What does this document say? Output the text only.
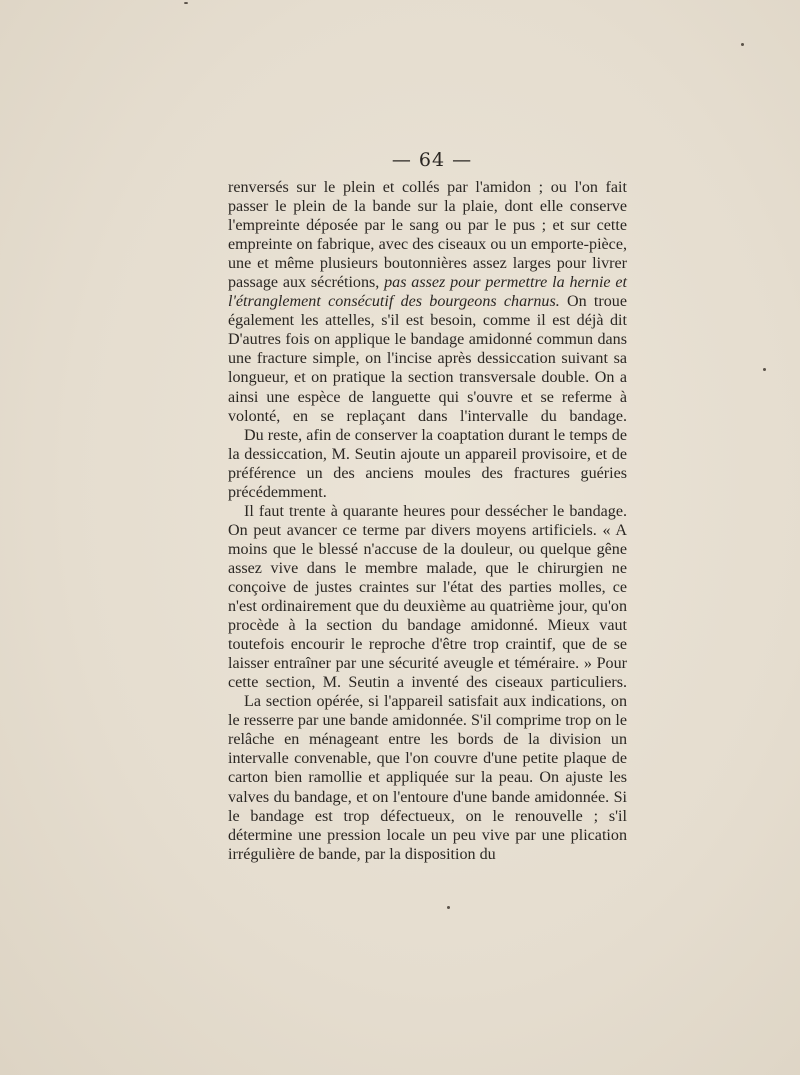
— 64 —

renversés sur le plein et collés par l'amidon ; ou l'on fait passer le plein de la bande sur la plaie, dont elle conserve l'empreinte déposée par le sang ou par le pus ; et sur cette empreinte on fabrique, avec des ciseaux ou un emporte-pièce, une et même plusieurs boutonnières assez larges pour livrer passage aux sécrétions, pas assez pour permettre la hernie et l'étranglement consécutif des bourgeons charnus. On troue également les attelles, s'il est besoin, comme il est déjà dit D'autres fois on applique le bandage amidonné commun dans une fracture simple, on l'incise après dessiccation suivant sa longueur, et on pratique la section transversale double. On a ainsi une espèce de languette qui s'ouvre et se referme à volonté, en se replaçant dans l'intervalle du bandage.

Du reste, afin de conserver la coaptation durant le temps de la dessiccation, M. Seutin ajoute un appareil provisoire, et de préférence un des anciens moules des fractures guéries précédemment.

Il faut trente à quarante heures pour dessécher le bandage. On peut avancer ce terme par divers moyens artificiels. « A moins que le blessé n'accuse de la douleur, ou quelque gêne assez vive dans le membre malade, que le chirurgien ne conçoive de justes craintes sur l'état des parties molles, ce n'est ordinairement que du deuxième au quatrième jour, qu'on procède à la section du bandage amidonné. Mieux vaut toutefois encourir le reproche d'être trop craintif, que de se laisser entraîner par une sécurité aveugle et téméraire. » Pour cette section, M. Seutin a inventé des ciseaux particuliers.

La section opérée, si l'appareil satisfait aux indications, on le resserre par une bande amidonnée. S'il comprime trop on le relâche en ménageant entre les bords de la division un intervalle convenable, que l'on couvre d'une petite plaque de carton bien ramollie et appliquée sur la peau. On ajuste les valves du bandage, et on l'entoure d'une bande amidonnée. Si le bandage est trop défectueux, on le renouvelle ; s'il détermine une pression locale un peu vive par une plication irrégulière de bande, par la disposition du
